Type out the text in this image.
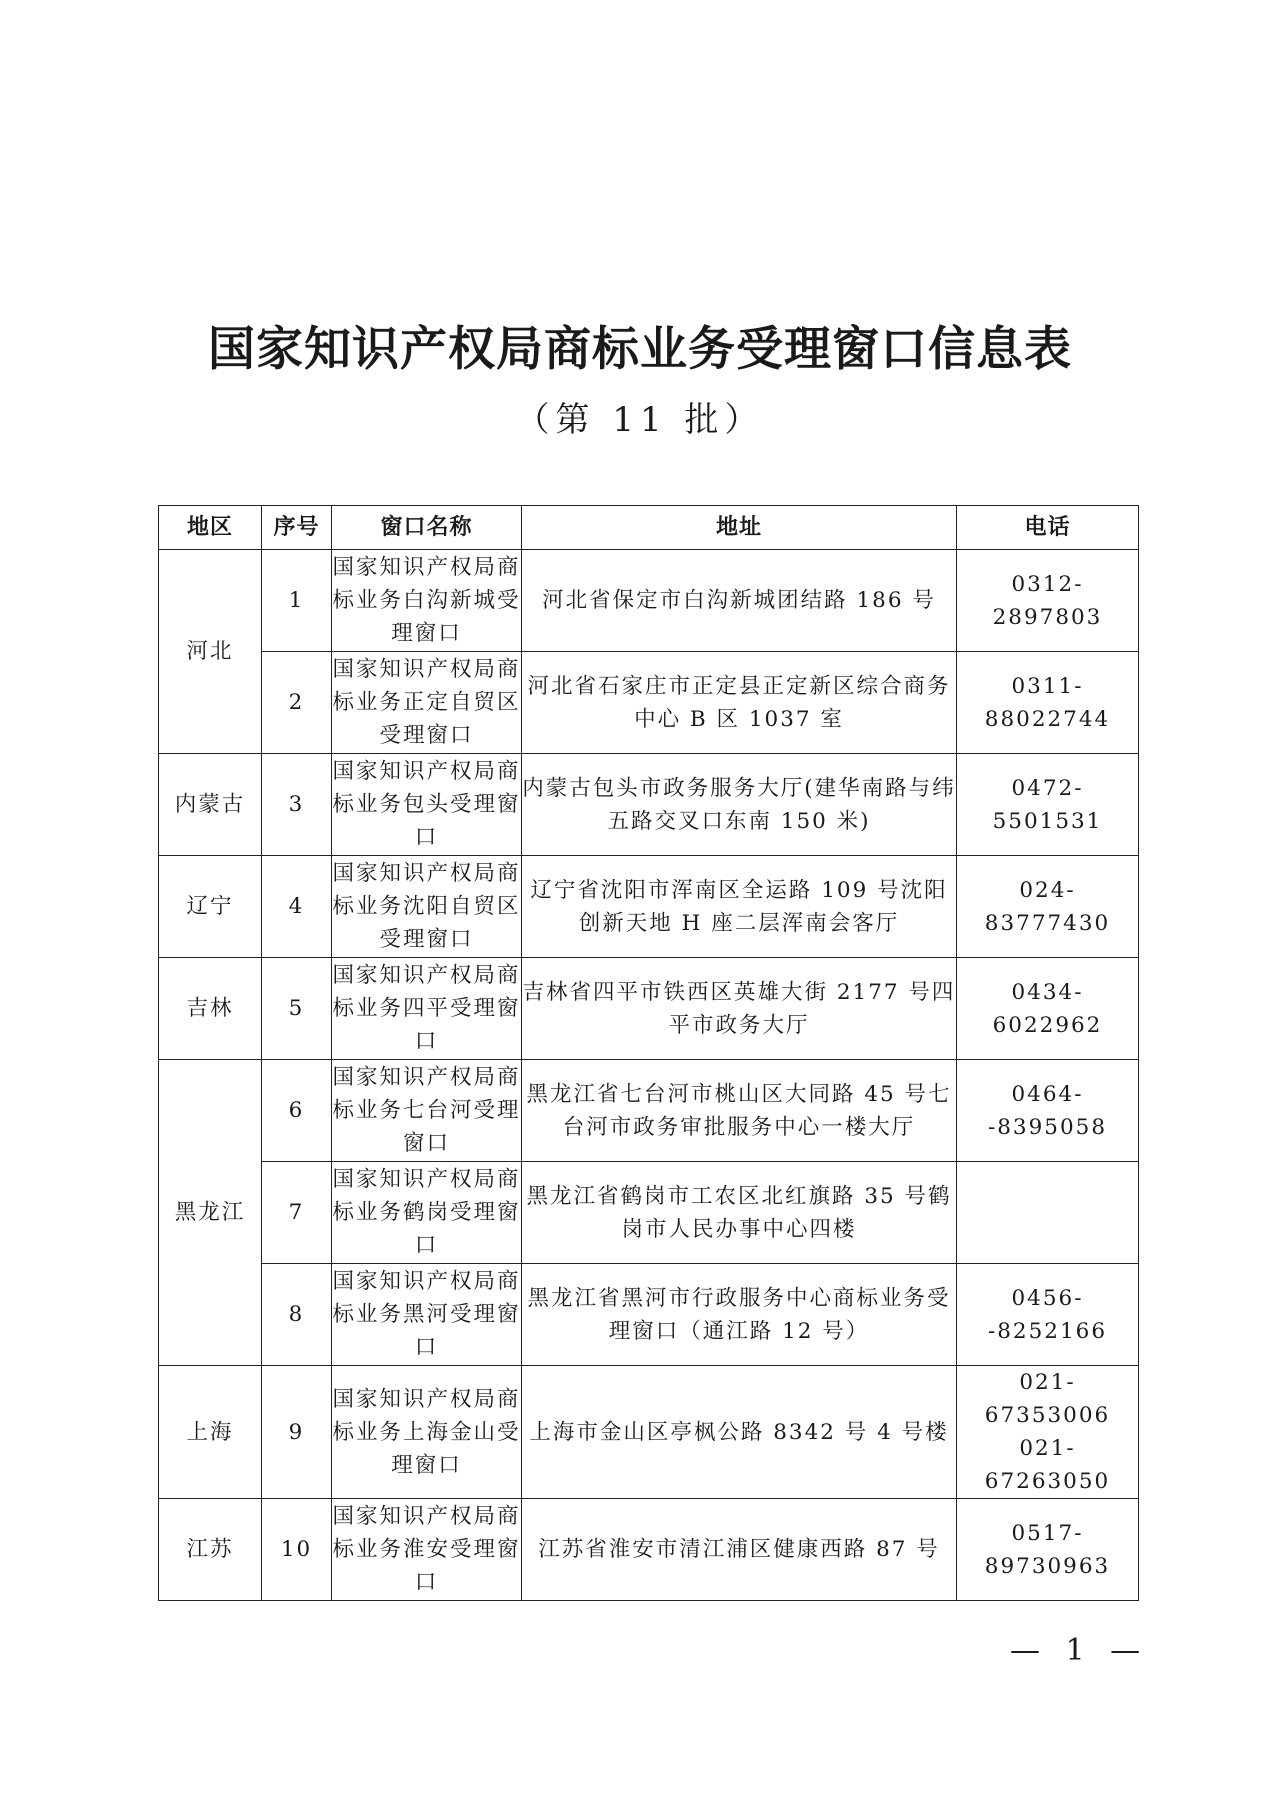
国家知识产权局商标业务受理窗口信息表
（第 11 批）
地区	序号	窗口名称	地址	电话
河北	1	国家知识产权局商标业务白沟新城受理窗口	河北省保定市白沟新城团结路 186 号	0312-2897803
	2	国家知识产权局商标业务正定自贸区受理窗口	河北省石家庄市正定县正定新区综合商务中心 B 区 1037 室	0311-88022744
内蒙古	3	国家知识产权局商标业务包头受理窗口	内蒙古包头市政务服务大厅(建华南路与纬五路交叉口东南 150 米)	0472-5501531
辽宁	4	国家知识产权局商标业务沈阳自贸区受理窗口	辽宁省沈阳市浑南区全运路 109 号沈阳创新天地 H 座二层浑南会客厅	024-83777430
吉林	5	国家知识产权局商标业务四平受理窗口	吉林省四平市铁西区英雄大街 2177 号四平市政务大厅	0434-6022962
黑龙江	6	国家知识产权局商标业务七台河受理窗口	黑龙江省七台河市桃山区大同路 45 号七台河市政务审批服务中心一楼大厅	0464--8395058
	7	国家知识产权局商标业务鹤岗受理窗口	黑龙江省鹤岗市工农区北红旗路 35 号鹤岗市人民办事中心四楼	
	8	国家知识产权局商标业务黑河受理窗口	黑龙江省黑河市行政服务中心商标业务受理窗口（通江路 12 号）	0456--8252166
上海	9	国家知识产权局商标业务上海金山受理窗口	上海市金山区亭枫公路 8342 号 4 号楼	021-67353006
021-67263050

江苏	10	国家知识产权局商标业务淮安受理窗口	江苏省淮安市清江浦区健康西路 87 号	0517-89730963
— 1 —
